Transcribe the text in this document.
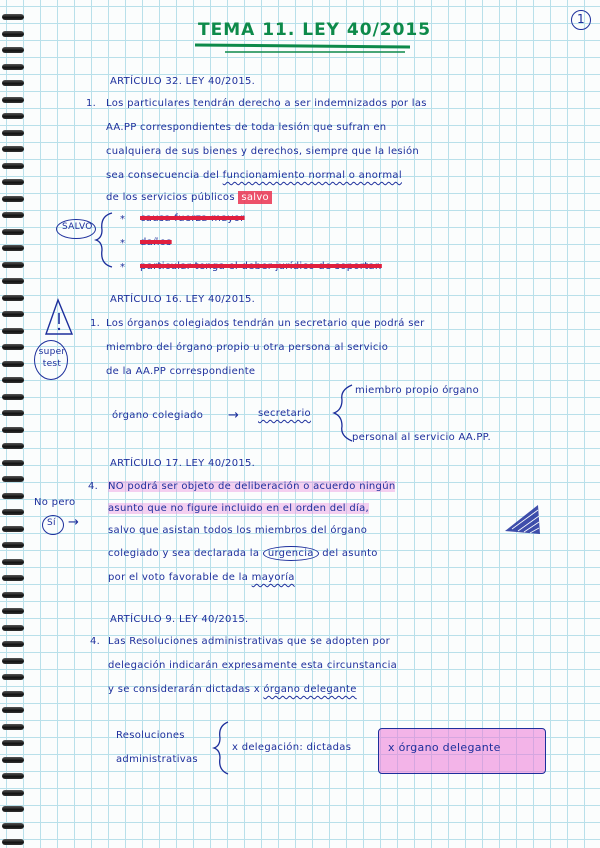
1
TEMA 11. LEY 40/2015
ARTÍCULO 32. LEY 40/2015.
1. Los particulares tendrán derecho a ser indemnizados por las
AA.PP correspondientes de toda lesión que sufran en
cualquiera de sus bienes y derechos, siempre que la lesión
sea consecuencia del funcionamiento normal o anormal
de los servicios públicos salvo
SALVO
* causa fuerza mayor
* daños
* particular tenga el deber jurídico de soportar.
ARTÍCULO 16. LEY 40/2015.
super test
1. Los órganos colegiados tendrán un secretario que podrá ser
miembro del órgano propio u otra persona al servicio
de la AA.PP correspondiente
órgano colegiado → secretario
miembro propio órgano
personal al servicio AA.PP.
ARTÍCULO 17. LEY 40/2015.
4. NO podrá ser objeto de deliberación o acuerdo ningún
asunto que no figure incluido en el orden del día,
salvo que asistan todos los miembros del órgano
colegiado y sea declarada la urgencia del asunto
por el voto favorable de la mayoría
No pero
Sí →
ARTÍCULO 9. LEY 40/2015.
4. Las Resoluciones administrativas que se adopten por
delegación indicarán expresamente esta circunstancia
y se considerarán dictadas x órgano delegante
Resoluciones
administrativas
x delegación: dictadas	x órgano delegante
